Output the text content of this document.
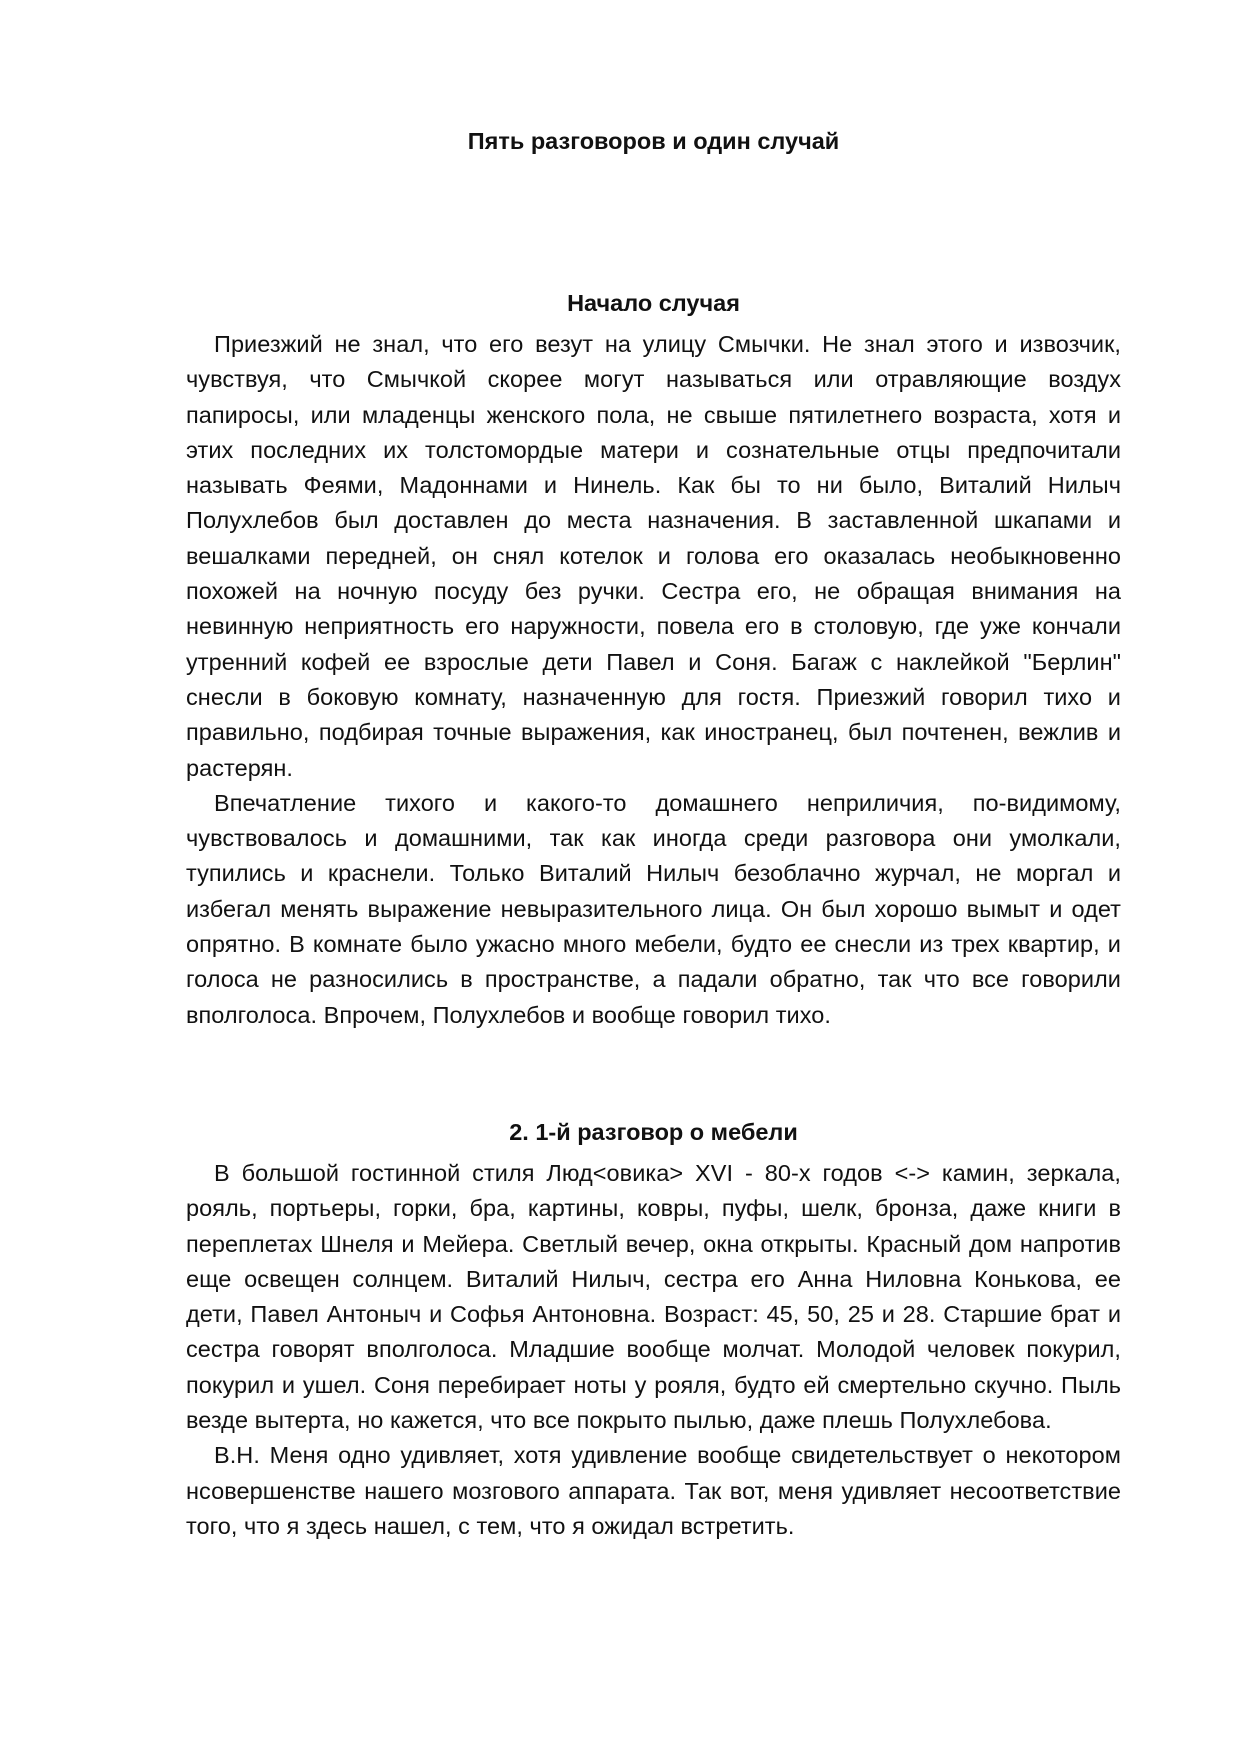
Пять разговоров и один случай
Начало случая

Приезжий не знал, что его везут на улицу Смычки. Не знал этого и извозчик, чувствуя, что Смычкой скорее могут называться или отравляющие воздух папиросы, или младенцы женского пола, не свыше пятилетнего возраста, хотя и этих последних их толстомордые матери и сознательные отцы предпочитали называть Феями, Мадоннами и Нинель. Как бы то ни было, Виталий Нилыч Полухлебов был доставлен до места назначения. В заставленной шкапами и вешалками передней, он снял котелок и голова его оказалась необыкновенно похожей на ночную посуду без ручки. Сестра его, не обращая внимания на невинную неприятность его наружности, повела его в столовую, где уже кончали утренний кофей ее взрослые дети Павел и Соня. Багаж с наклейкой "Берлин" снесли в боковую комнату, назначенную для гостя. Приезжий говорил тихо и правильно, подбирая точные выражения, как иностранец, был почтенен, вежлив и растерян.

Впечатление тихого и какого-то домашнего неприличия, по-видимому, чувствовалось и домашними, так как иногда среди разговора они умолкали, тупились и краснели. Только Виталий Нилыч безоблачно журчал, не моргал и избегал менять выражение невыразительного лица. Он был хорошо вымыт и одет опрятно. В комнате было ужасно много мебели, будто ее снесли из трех квартир, и голоса не разносились в пространстве, а падали обратно, так что все говорили вполголоса. Впрочем, Полухлебов и вообще говорил тихо.

2. 1-й разговор о мебели

В большой гостинной стиля Люд<овика> XVI - 80-х годов <-> камин, зеркала, рояль, портьеры, горки, бра, картины, ковры, пуфы, шелк, бронза, даже книги в переплетах Шнеля и Мейера. Светлый вечер, окна открыты. Красный дом напротив еще освещен солнцем. Виталий Нилыч, сестра его Анна Ниловна Конькова, ее дети, Павел Антоныч и Софья Антоновна. Возраст: 45, 50, 25 и 28. Старшие брат и сестра говорят вполголоса. Младшие вообще молчат. Молодой человек покурил, покурил и ушел. Соня перебирает ноты у рояля, будто ей смертельно скучно. Пыль везде вытерта, но кажется, что все покрыто пылью, даже плешь Полухлебова.

В.Н. Меня одно удивляет, хотя удивление вообще свидетельствует о некотором нсовершенстве нашего мозгового аппарата. Так вот, меня удивляет несоответствие того, что я здесь нашел, с тем, что я ожидал встретить.
